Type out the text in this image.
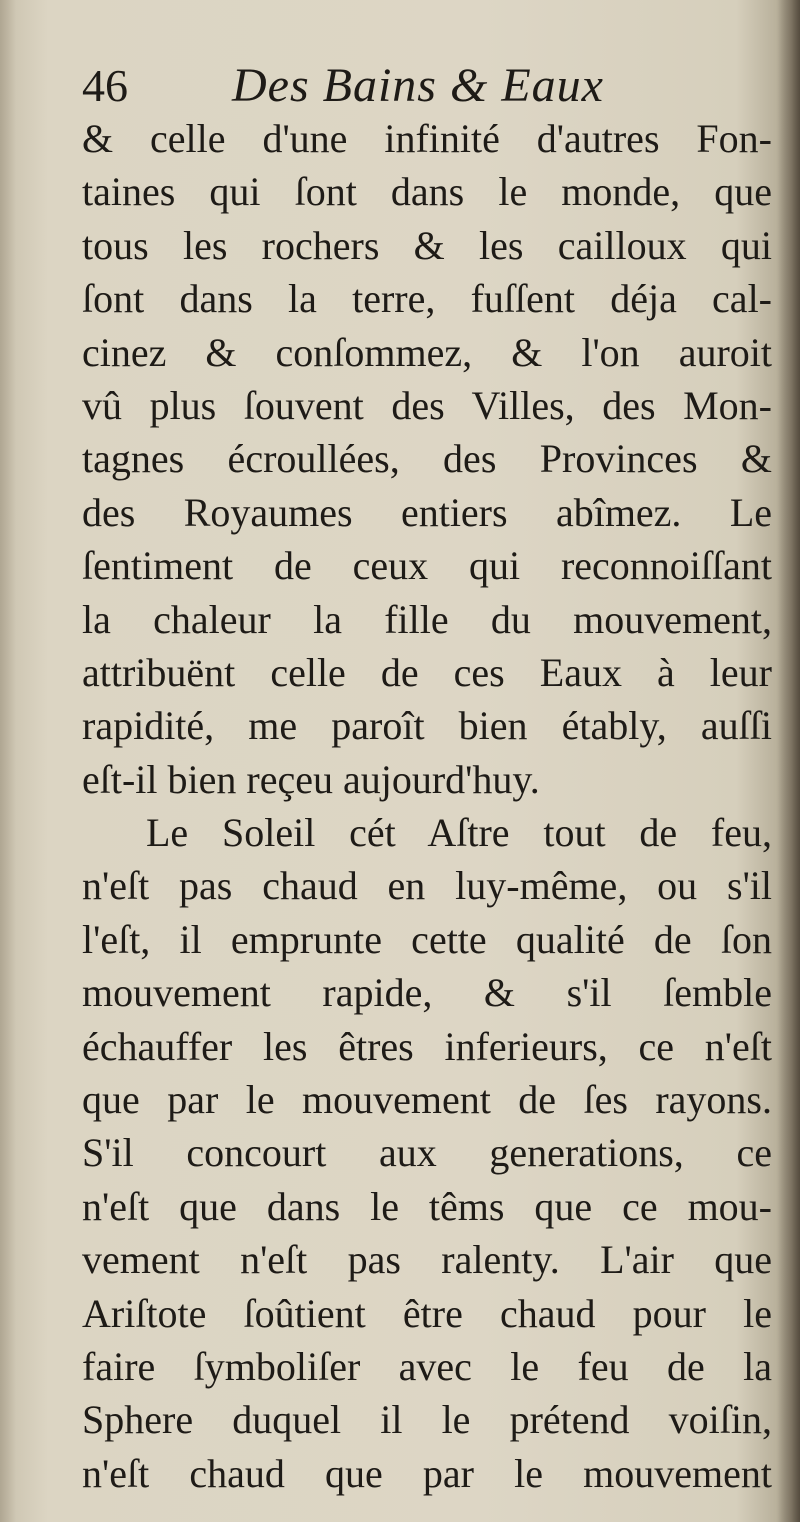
46 Des Bains & Eaux
& celle d'une infinité d'autres Fon-
taines qui ſont dans le monde, que
tous les rochers & les cailloux qui
ſont dans la terre, fuſſent déja cal-
cinez & conſommez, & l'on auroit
vû plus ſouvent des Villes, des Mon-
tagnes écroullées, des Provinces &
des Royaumes entiers abîmez. Le
ſentiment de ceux qui reconnoiſſant
la chaleur la fille du mouvement,
attribuënt celle de ces Eaux à leur
rapidité, me paroît bien étably, auſſi
eſt-il bien reçeu aujourd'huy.
Le Soleil cét Aſtre tout de feu,
n'eſt pas chaud en luy-même, ou s'il
l'eſt, il emprunte cette qualité de ſon
mouvement rapide, & s'il ſemble
échauffer les êtres inferieurs, ce n'eſt
que par le mouvement de ſes rayons.
S'il concourt aux generations, ce
n'eſt que dans le têms que ce mou-
vement n'eſt pas ralenty. L'air que
Ariſtote ſoûtient être chaud pour le
faire ſymboliſer avec le feu de la
Sphere duquel il le prétend voiſin,
n'eſt chaud que par le mouvement
